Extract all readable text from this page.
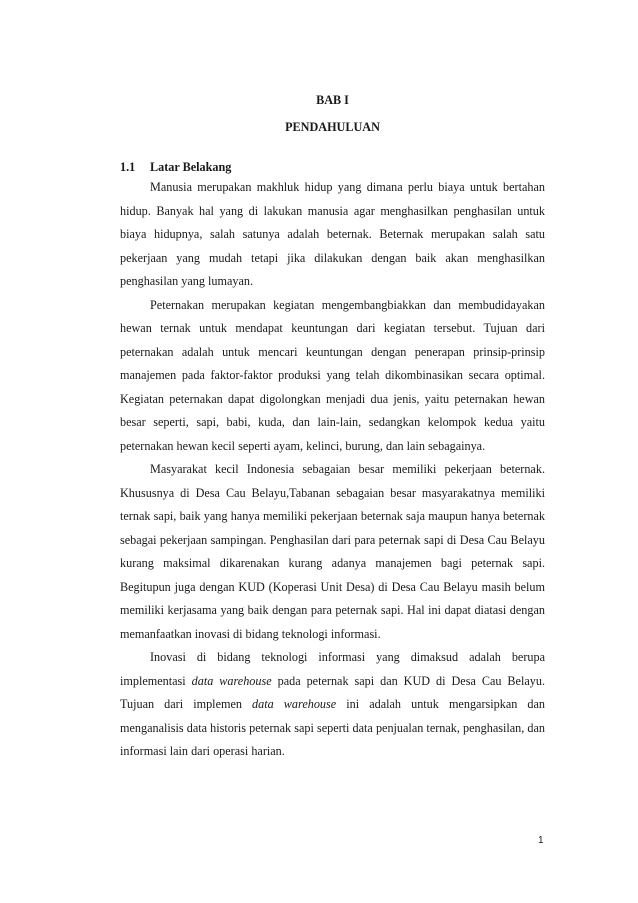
BAB I
PENDAHULUAN
1.1 Latar Belakang

Manusia merupakan makhluk hidup yang dimana perlu biaya untuk bertahan hidup. Banyak hal yang di lakukan manusia agar menghasilkan penghasilan untuk biaya hidupnya, salah satunya adalah beternak. Beternak merupakan salah satu pekerjaan yang mudah tetapi jika dilakukan dengan baik akan menghasilkan penghasilan yang lumayan.

Peternakan merupakan kegiatan mengembangbiakkan dan membudidayakan hewan ternak untuk mendapat keuntungan dari kegiatan tersebut. Tujuan dari peternakan adalah untuk mencari keuntungan dengan penerapan prinsip-prinsip manajemen pada faktor-faktor produksi yang telah dikombinasikan secara optimal. Kegiatan peternakan dapat digolongkan menjadi dua jenis, yaitu peternakan hewan besar seperti, sapi, babi, kuda, dan lain-lain, sedangkan kelompok kedua yaitu peternakan hewan kecil seperti ayam, kelinci, burung, dan lain sebagainya.

Masyarakat kecil Indonesia sebagaian besar memiliki pekerjaan beternak. Khususnya di Desa Cau Belayu,Tabanan sebagaian besar masyarakatnya memiliki ternak sapi, baik yang hanya memiliki pekerjaan beternak saja maupun hanya beternak sebagai pekerjaan sampingan. Penghasilan dari para peternak sapi di Desa Cau Belayu kurang maksimal dikarenakan kurang adanya manajemen bagi peternak sapi. Begitupun juga dengan KUD (Koperasi Unit Desa) di Desa Cau Belayu masih belum memiliki kerjasama yang baik dengan para peternak sapi. Hal ini dapat diatasi dengan memanfaatkan inovasi di bidang teknologi informasi.

Inovasi di bidang teknologi informasi yang dimaksud adalah berupa implementasi data warehouse pada peternak sapi dan KUD di Desa Cau Belayu. Tujuan dari implemen data warehouse ini adalah untuk mengarsipkan dan menganalisis data historis peternak sapi seperti data penjualan ternak, penghasilan, dan informasi lain dari operasi harian.

1
